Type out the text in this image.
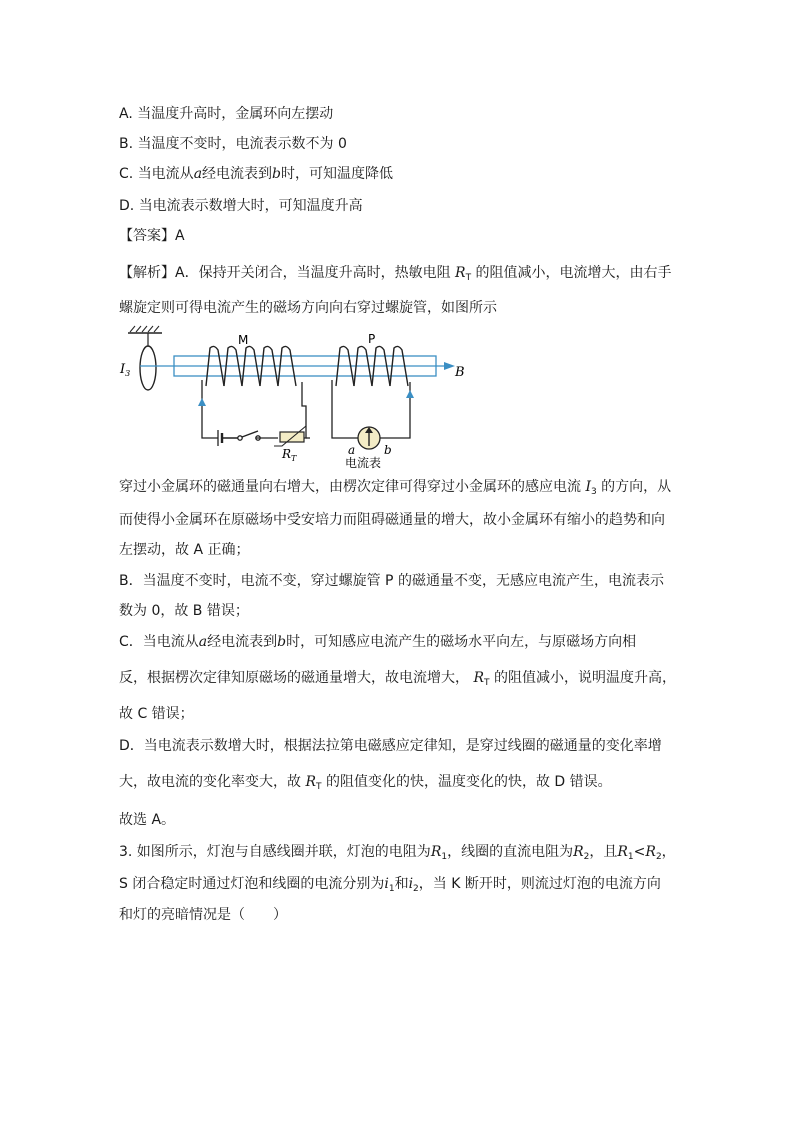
A. 当温度升高时，金属环向左摆动
B. 当温度不变时，电流表示数不为 0
C. 当电流从a经电流表到b时，可知温度降低
D. 当电流表示数增大时，可知温度升高
【答案】A
【解析】A．保持开关闭合，当温度升高时，热敏电阻 $R_T$ 的阻值减小，电流增大，由右手
螺旋定则可得电流产生的磁场方向向右穿过螺旋管，如图所示
$I_3$	B
M	P
$R_T$
a b
电流表
穿过小金属环的磁通量向右增大，由楞次定律可得穿过小金属环的感应电流 $I_3$ 的方向，从
而使得小金属环在原磁场中受安培力而阻碍磁通量的增大，故小金属环有缩小的趋势和向
左摆动，故 A 正确；
B．当温度不变时，电流不变，穿过螺旋管 P 的磁通量不变，无感应电流产生，电流表示
数为 0，故 B 错误；
C．当电流从a经电流表到b时，可知感应电流产生的磁场水平向左，与原磁场方向相
反，根据楞次定律知原磁场的磁通量增大，故电流增大， $R_T$ 的阻值减小，说明温度升高，
故 C 错误；
D．当电流表示数增大时，根据法拉第电磁感应定律知，是穿过线圈的磁通量的变化率增
大，故电流的变化率变大，故 $R_T$ 的阻值变化的快，温度变化的快，故 D 错误。
故选 A。
3. 如图所示，灯泡与自感线圈并联，灯泡的电阻为$R_1$，线圈的直流电阻为$R_2$，且$R_1<R_2$，
S 闭合稳定时通过灯泡和线圈的电流分别为$i_1$和$i_2$，当 K 断开时，则流过灯泡的电流方向
和灯的亮暗情况是（　　）
